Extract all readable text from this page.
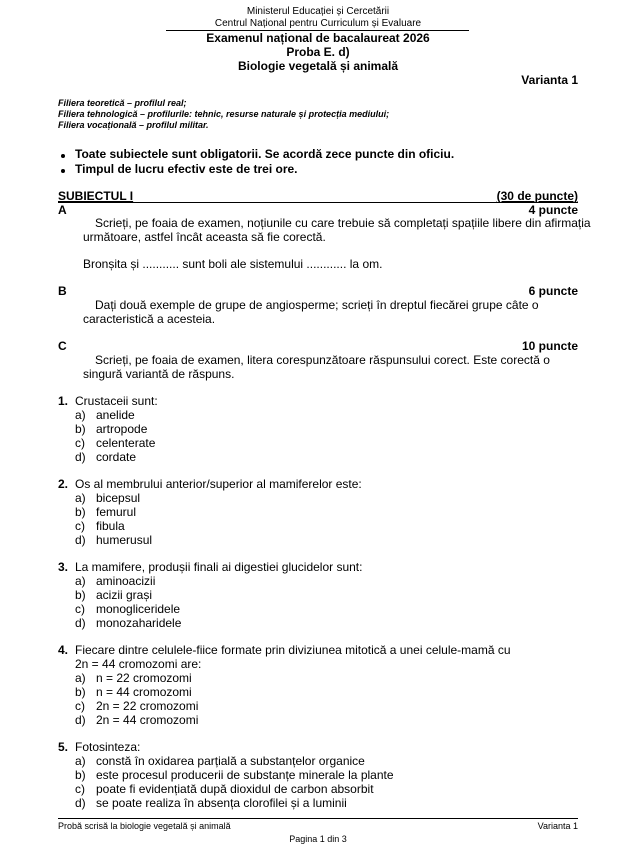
Ministerul Educației și Cercetării
Centrul Național pentru Curriculum și Evaluare
Examenul național de bacalaureat 2026
Proba E. d)
Biologie vegetală și animală
Varianta 1
Filiera teoretică – profilul real;
Filiera tehnologică – profilurile: tehnic, resurse naturale și protecția mediului;
Filiera vocațională – profilul militar.
Toate subiectele sunt obligatorii. Se acordă zece puncte din oficiu.
Timpul de lucru efectiv este de trei ore.
SUBIECTUL I	(30 de puncte)
A	4 puncte
Scrieți, pe foaia de examen, noțiunile cu care trebuie să completați spațiile libere din afirmația
următoare, astfel încât aceasta să fie corectă.
Bronșita și ........... sunt boli ale sistemului ............ la om.
B	6 puncte
Dați două exemple de grupe de angiosperme; scrieți în dreptul fiecărei grupe câte o
caracteristică a acesteia.
C	10 puncte
Scrieți, pe foaia de examen, litera corespunzătoare răspunsului corect. Este corectă o
singură variantă de răspuns.
1. Crustaceii sunt:
a) anelide
b) artropode
c) celenterate
d) cordate
2. Os al membrului anterior/superior al mamiferelor este:
a) bicepsul
b) femurul
c) fibula
d) humerusul
3. La mamifere, produșii finali ai digestiei glucidelor sunt:
a) aminoacizii
b) acizii grași
c) monogliceridele
d) monozaharidele
4. Fiecare dintre celulele-fiice formate prin diviziunea mitotică a unei celule-mamă cu
2n = 44 cromozomi are:
a) n = 22 cromozomi
b) n = 44 cromozomi
c) 2n = 22 cromozomi
d) 2n = 44 cromozomi
5. Fotosinteza:
a) constă în oxidarea parțială a substanțelor organice
b) este procesul producerii de substanțe minerale la plante
c) poate fi evidențiată după dioxidul de carbon absorbit
d) se poate realiza în absența clorofilei și a luminii
Probă scrisă la biologie vegetală și animală	Varianta 1
Pagina 1 din 3
